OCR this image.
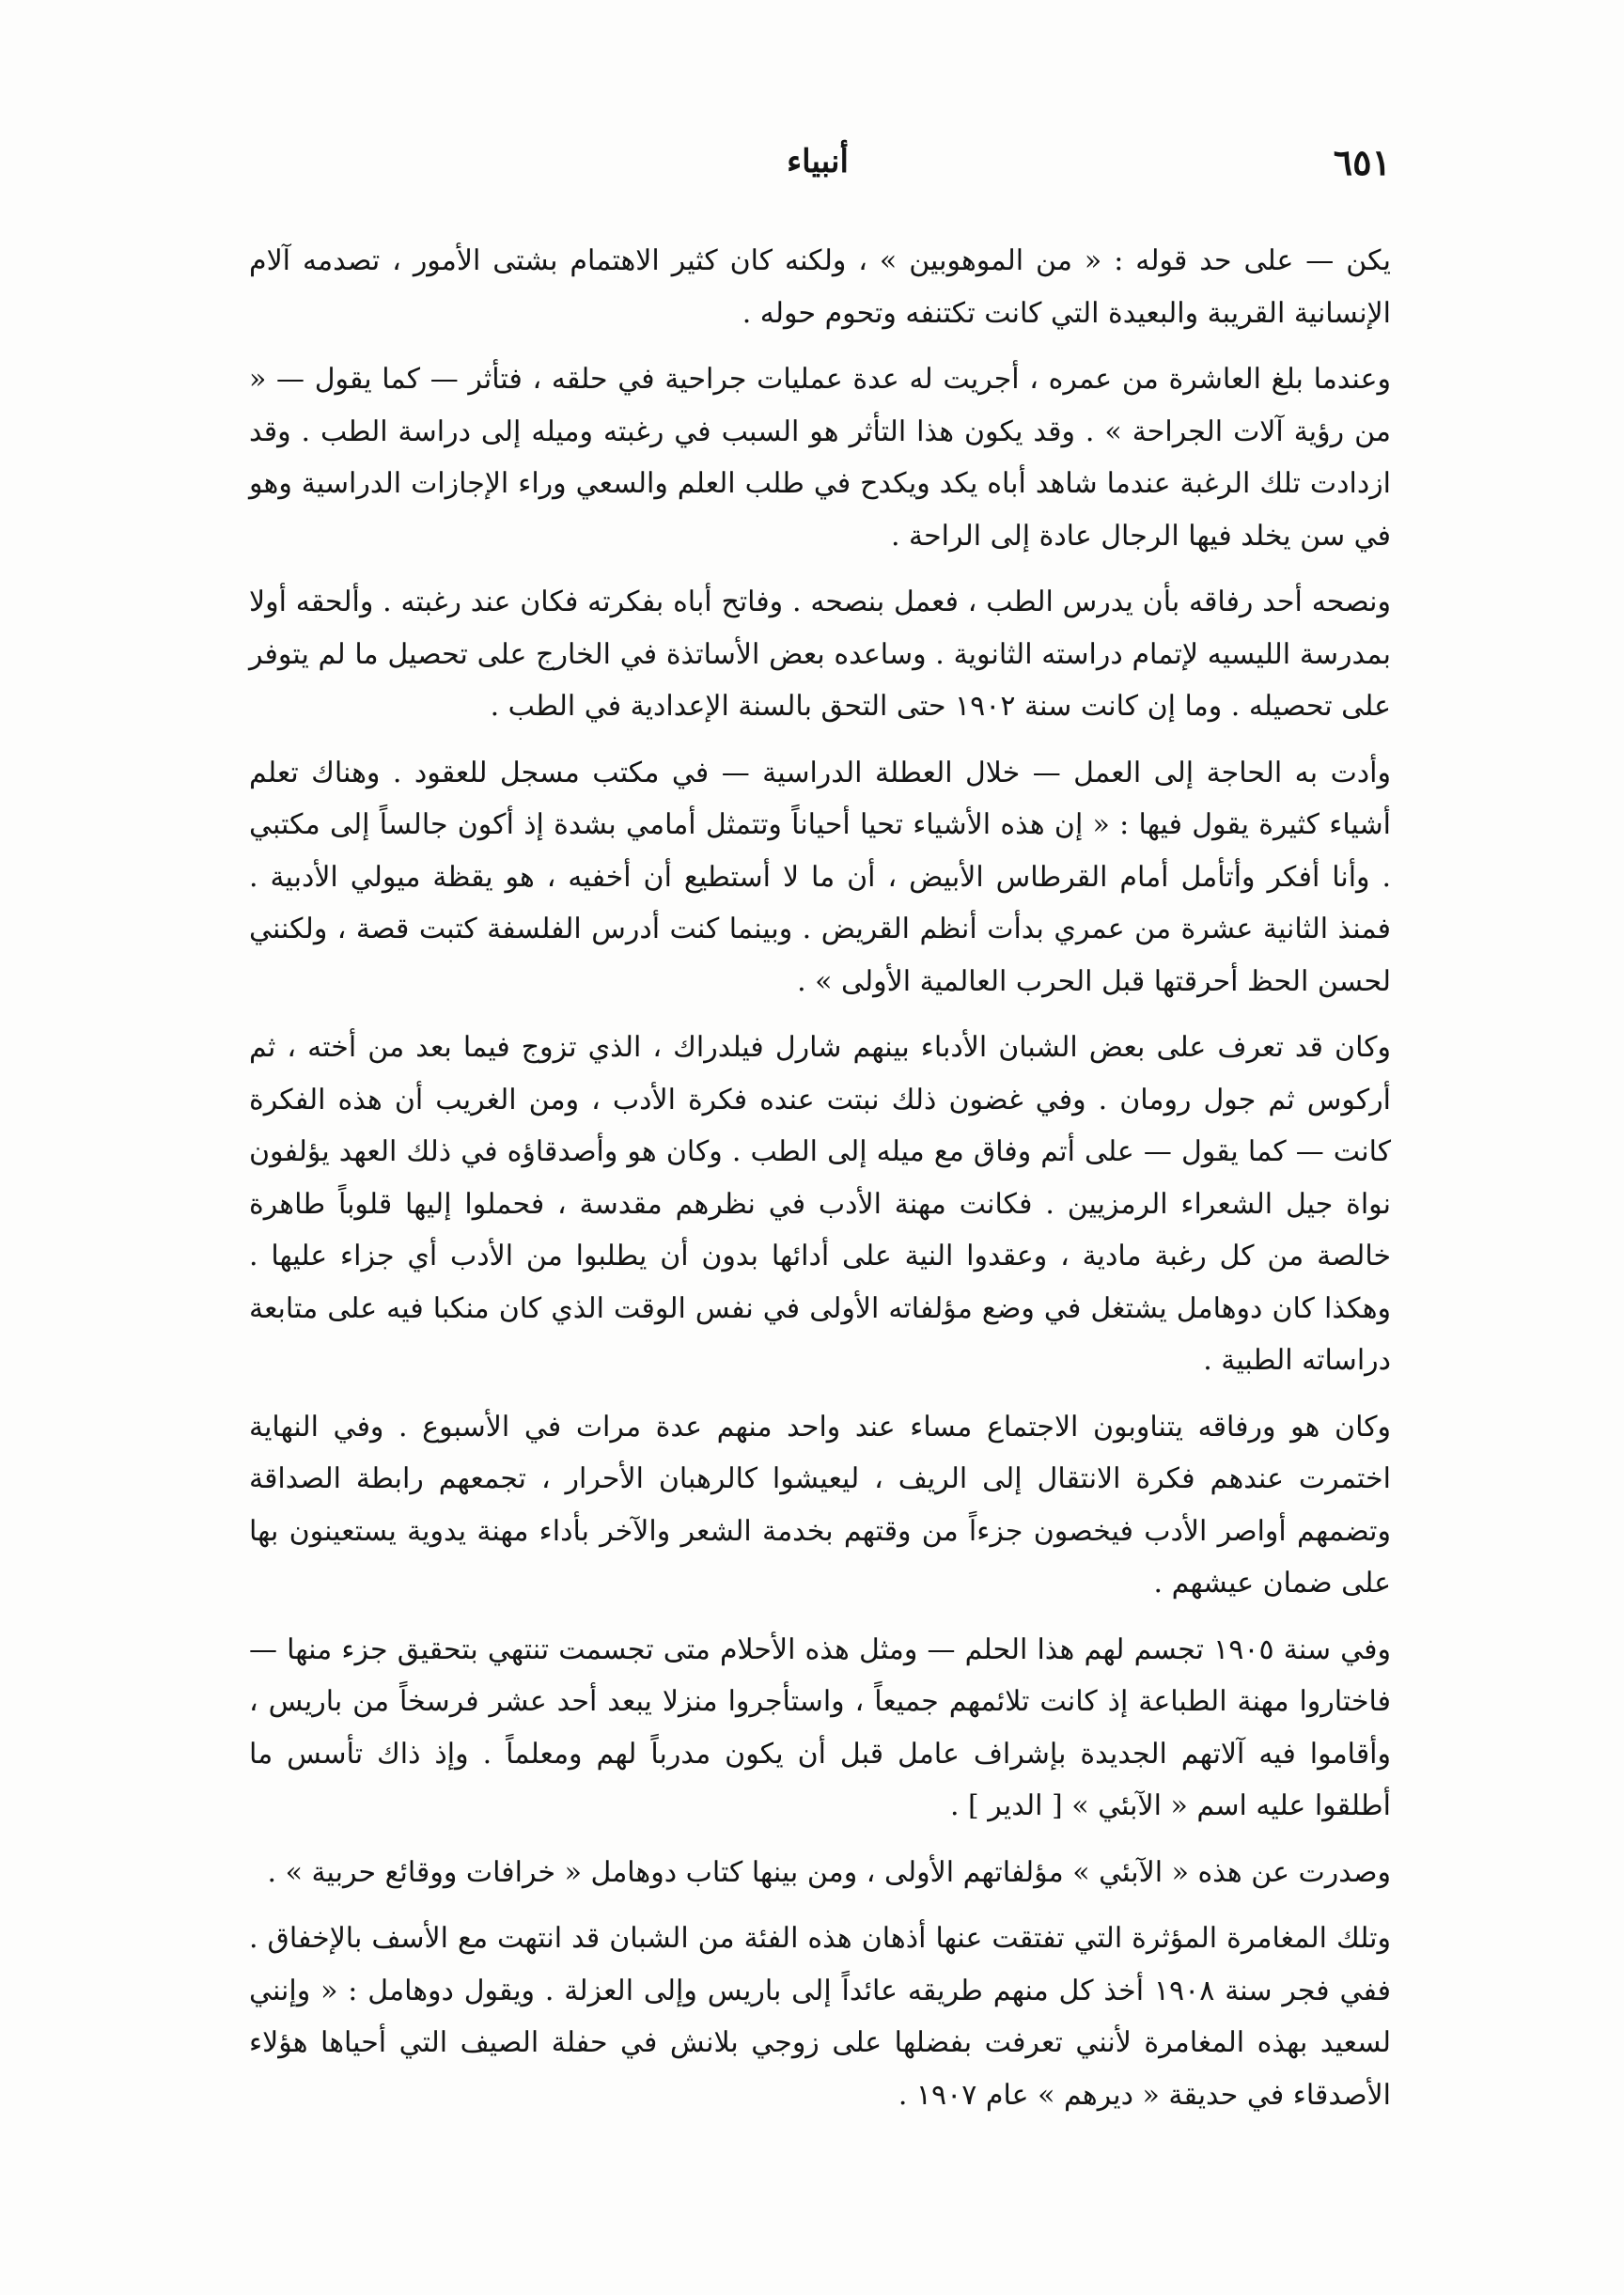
٦٥١
أنبياء

يكن — على حد قوله : « من الموهوبين » ، ولكنه كان كثير الاهتمام بشتى الأمور ، تصدمه آلام الإنسانية القريبة والبعيدة التي كانت تكتنفه وتحوم حوله .

وعندما بلغ العاشرة من عمره ، أجريت له عدة عمليات جراحية في حلقه ، فتأثر — كما يقول — « من رؤية آلات الجراحة » . وقد يكون هذا التأثر هو السبب في رغبته وميله إلى دراسة الطب . وقد ازدادت تلك الرغبة عندما شاهد أباه يكد ويكدح في طلب العلم والسعي وراء الإجازات الدراسية وهو في سن يخلد فيها الرجال عادة إلى الراحة .

ونصحه أحد رفاقه بأن يدرس الطب ، فعمل بنصحه . وفاتح أباه بفكرته فكان عند رغبته . وألحقه أولا بمدرسة الليسيه لإتمام دراسته الثانوية . وساعده بعض الأساتذة في الخارج على تحصيل ما لم يتوفر على تحصيله . وما إن كانت سنة ١٩٠٢ حتى التحق بالسنة الإعدادية في الطب .

وأدت به الحاجة إلى العمل — خلال العطلة الدراسية — في مكتب مسجل للعقود . وهناك تعلم أشياء كثيرة يقول فيها : « إن هذه الأشياء تحيا أحياناً وتتمثل أمامي بشدة إذ أكون جالساً إلى مكتبي . وأنا أفكر وأتأمل أمام القرطاس الأبيض ، أن ما لا أستطيع أن أخفيه ، هو يقظة ميولي الأدبية . فمنذ الثانية عشرة من عمري بدأت أنظم القريض . وبينما كنت أدرس الفلسفة كتبت قصة ، ولكنني لحسن الحظ أحرقتها قبل الحرب العالمية الأولى » .

وكان قد تعرف على بعض الشبان الأدباء بينهم شارل فيلدراك ، الذي تزوج فيما بعد من أخته ، ثم أركوس ثم جول رومان . وفي غضون ذلك نبتت عنده فكرة الأدب ، ومن الغريب أن هذه الفكرة كانت — كما يقول — على أتم وفاق مع ميله إلى الطب . وكان هو وأصدقاؤه في ذلك العهد يؤلفون نواة جيل الشعراء الرمزيين . فكانت مهنة الأدب في نظرهم مقدسة ، فحملوا إليها قلوباً طاهرة خالصة من كل رغبة مادية ، وعقدوا النية على أدائها بدون أن يطلبوا من الأدب أي جزاء عليها . وهكذا كان دوهامل يشتغل في وضع مؤلفاته الأولى في نفس الوقت الذي كان منكبا فيه على متابعة دراساته الطبية .

وكان هو ورفاقه يتناوبون الاجتماع مساء عند واحد منهم عدة مرات في الأسبوع . وفي النهاية اختمرت عندهم فكرة الانتقال إلى الريف ، ليعيشوا كالرهبان الأحرار ، تجمعهم رابطة الصداقة وتضمهم أواصر الأدب فيخصون جزءاً من وقتهم بخدمة الشعر والآخر بأداء مهنة يدوية يستعينون بها على ضمان عيشهم .

وفي سنة ١٩٠٥ تجسم لهم هذا الحلم — ومثل هذه الأحلام متى تجسمت تنتهي بتحقيق جزء منها — فاختاروا مهنة الطباعة إذ كانت تلائمهم جميعاً ، واستأجروا منزلا يبعد أحد عشر فرسخاً من باريس ، وأقاموا فيه آلاتهم الجديدة بإشراف عامل قبل أن يكون مدرباً لهم ومعلماً . وإذ ذاك تأسس ما أطلقوا عليه اسم « الآبئي » [ الدير ] .

وصدرت عن هذه « الآبئي » مؤلفاتهم الأولى ، ومن بينها كتاب دوهامل « خرافات ووقائع حربية » .

وتلك المغامرة المؤثرة التي تفتقت عنها أذهان هذه الفئة من الشبان قد انتهت مع الأسف بالإخفاق . ففي فجر سنة ١٩٠٨ أخذ كل منهم طريقه عائداً إلى باريس وإلى العزلة . ويقول دوهامل : « وإنني لسعيد بهذه المغامرة لأنني تعرفت بفضلها على زوجي بلانش في حفلة الصيف التي أحياها هؤلاء الأصدقاء في حديقة « ديرهم » عام ١٩٠٧ .
